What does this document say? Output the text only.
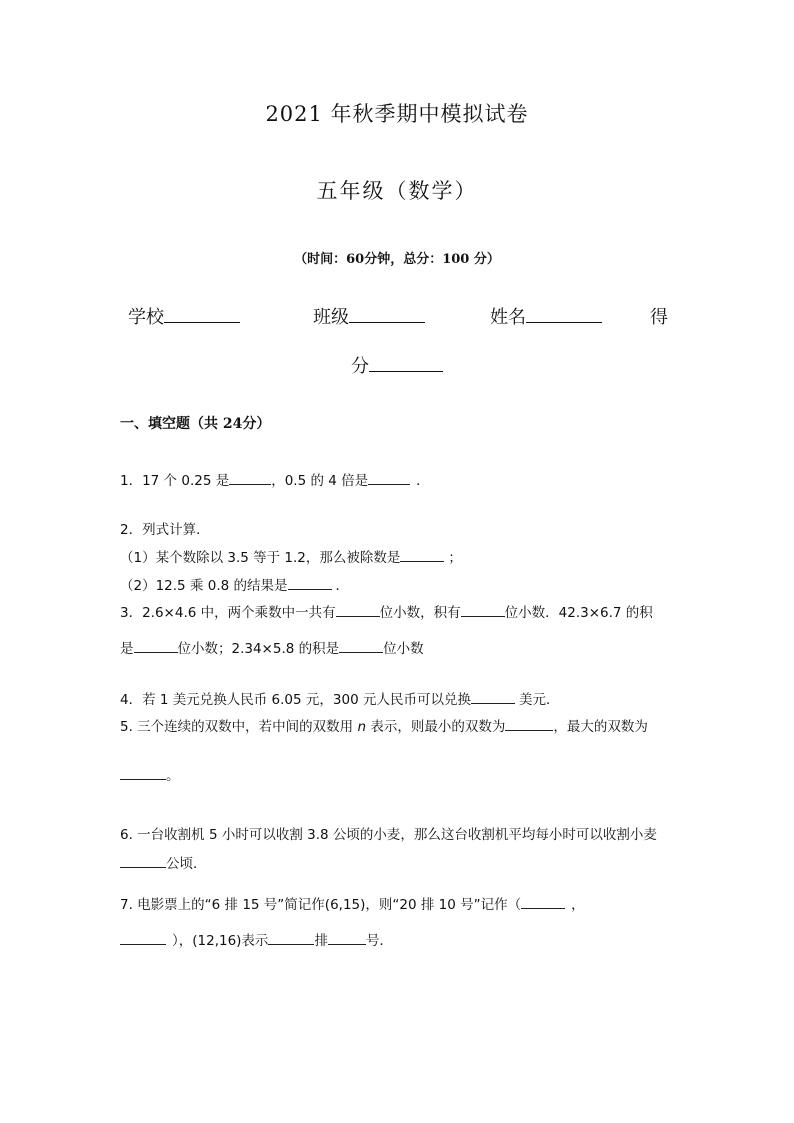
2021 年秋季期中模拟试卷
五年级（数学）
（时间：60分钟，总分：100 分）
学校	班级	姓名	得
分
一、填空题（共 24分）
1．17 个 0.25 是	，0.5 的 4 倍是	．
2．列式计算．
（1）某个数除以 3.5 等于 1.2，那么被除数是	；
（2）12.5 乘 0.8 的结果是	．
3．2.6×4.6 中，两个乘数中一共有	位小数，积有	位小数．42.3×6.7 的积
是	位小数；2.34×5.8 的积是	位小数
4．若 1 美元兑换人民币 6.05 元，300 元人民币可以兑换	美元．
5. 三个连续的双数中，若中间的双数用 n 表示，则最小的双数为	，最大的双数为
。
6. 一台收割机 5 小时可以收割 3.8 公顷的小麦，那么这台收割机平均每小时可以收割小麦
公顷．
7. 电影票上的“6 排 15 号”简记作(6,15)，则“20 排 10 号”记作（	，
），(12,16)表示	排	号．
